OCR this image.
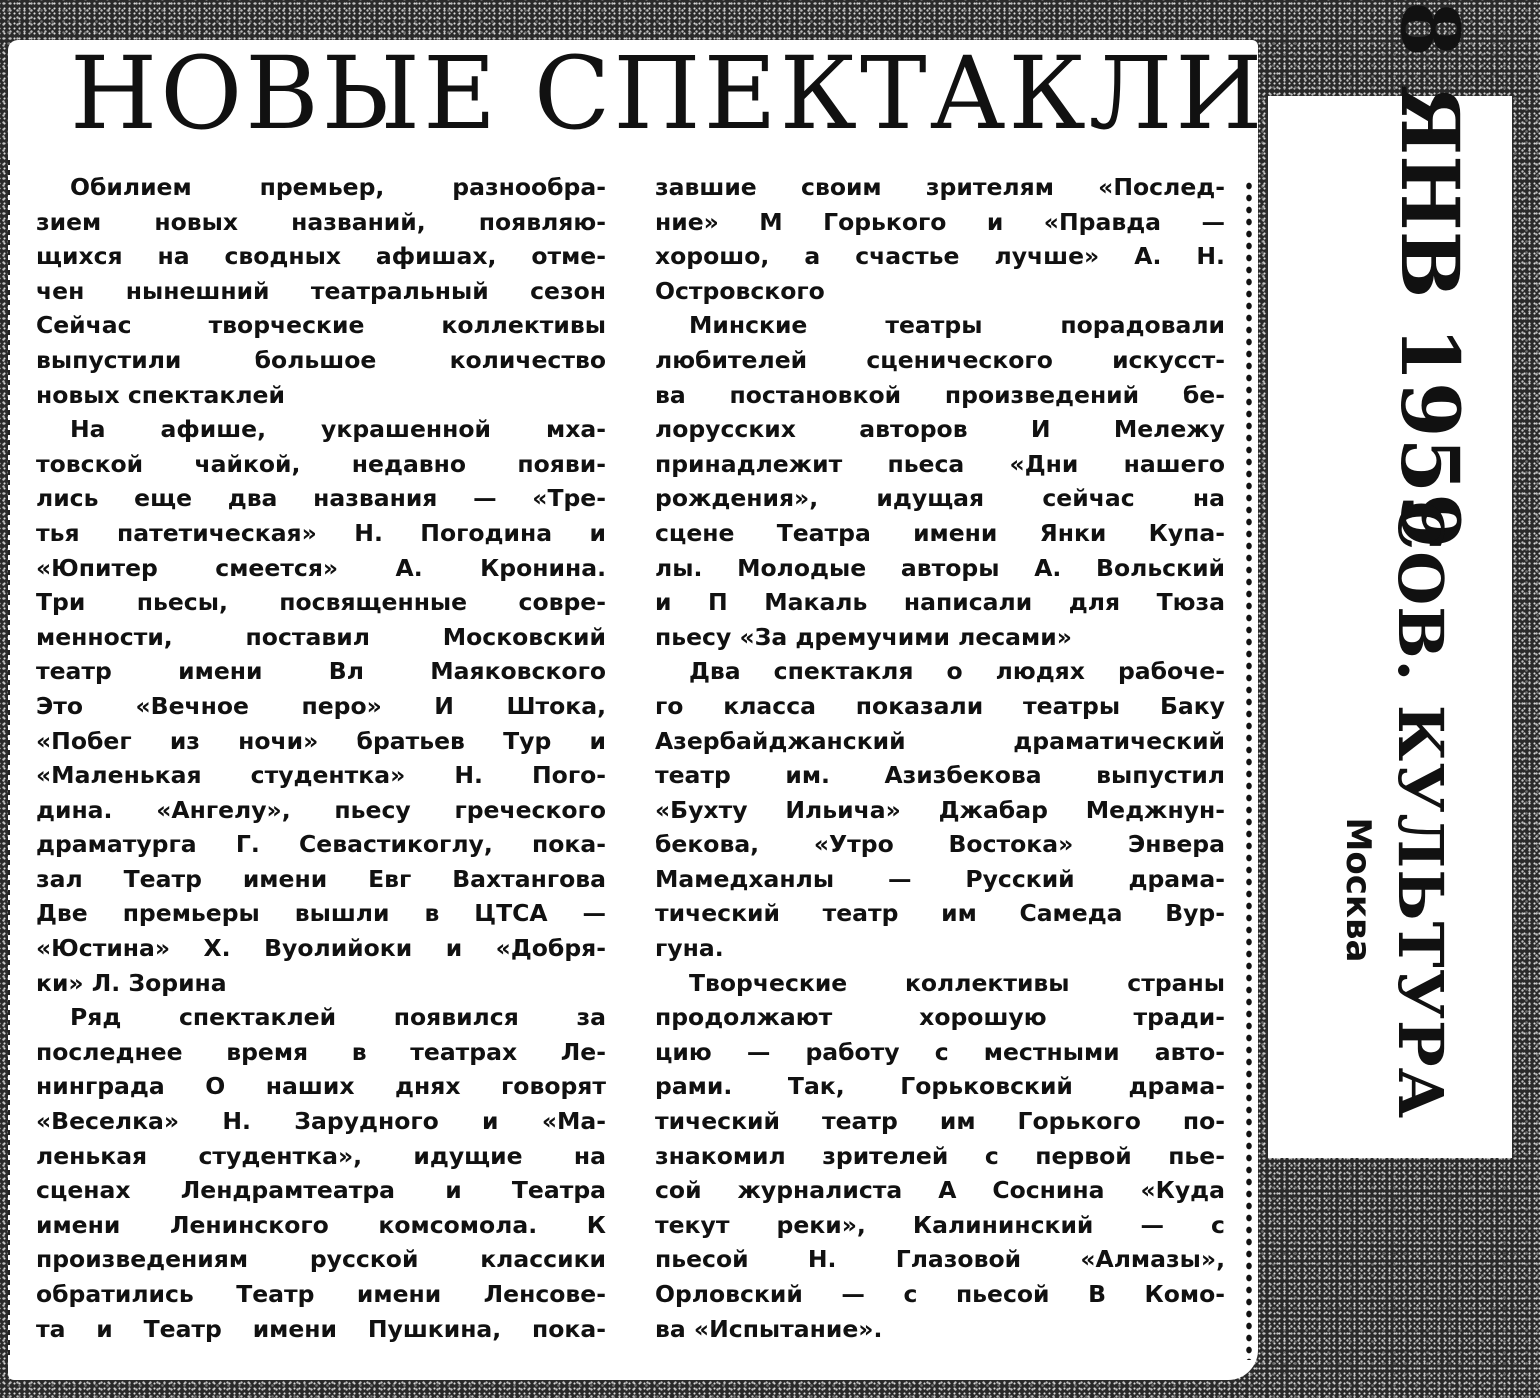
НОВЫЕ СПЕКТАКЛИ
Обилием премьер, разнообра-
зием новых названий, появляю-
щихся на сводных афишах, отме-
чен нынешний театральный сезон
Сейчас творческие коллективы
выпустили большое количество
новых спектаклей
На афише, украшенной мха-
товской чайкой, недавно появи-
лись еще два названия — «Тре-
тья патетическая» Н. Погодина и
«Юпитер смеется» А. Кронина.
Три пьесы, посвященные совре-
менности, поставил Московский
театр имени Вл Маяковского
Это «Вечное перо» И Штока,
«Побег из ночи» братьев Тур и
«Маленькая студентка» Н. Пого-
дина. «Ангелу», пьесу греческого
драматурга Г. Севастикоглу, пока-
зал Театр имени Евг Вахтангова
Две премьеры вышли в ЦТСА —
«Юстина» Х. Вуолийоки и «Добря-
ки» Л. Зорина
Ряд спектаклей появился за
последнее время в театрах Ле-
нинграда О наших днях говорят
«Веселка» Н. Зарудного и «Ма-
ленькая студентка», идущие на
сценах Лендрамтеатра и Театра
имени Ленинского комсомола. К
произведениям русской классики
обратились Театр имени Ленсове-
та и Театр имени Пушкина, пока-
завшие своим зрителям «Послед-
ние» М Горького и «Правда —
хорошо, а счастье лучше» А. Н.
Островского
Минские театры порадовали
любителей сценического искусст-
ва постановкой произведений бе-
лорусских авторов И Мележу
принадлежит пьеса «Дни нашего
рождения», идущая сейчас на
сцене Театра имени Янки Купа-
лы. Молодые авторы А. Вольский
и П Макаль написали для Тюза
пьесу «За дремучими лесами»
Два спектакля о людях рабоче-
го класса показали театры Баку
Азербайджанский драматический
театр им. Азизбекова выпустил
«Бухту Ильича» Джабар Меджнун-
бекова, «Утро Востока» Энвера
Мамедханлы — Русский драма-
тический театр им Самеда Вур-
гуна.
Творческие коллективы страны
продолжают хорошую тради-
цию — работу с местными авто-
рами. Так, Горьковский драма-
тический театр им Горького по-
знакомил зрителей с первой пье-
сой журналиста А Соснина «Куда
текут реки», Калининский — с
пьесой Н. Глазовой «Алмазы»,
Орловский — с пьесой В Комо-
ва «Испытание».
8 ЯНВ 1959
СОВ. КУЛЬТУРА
Москва
